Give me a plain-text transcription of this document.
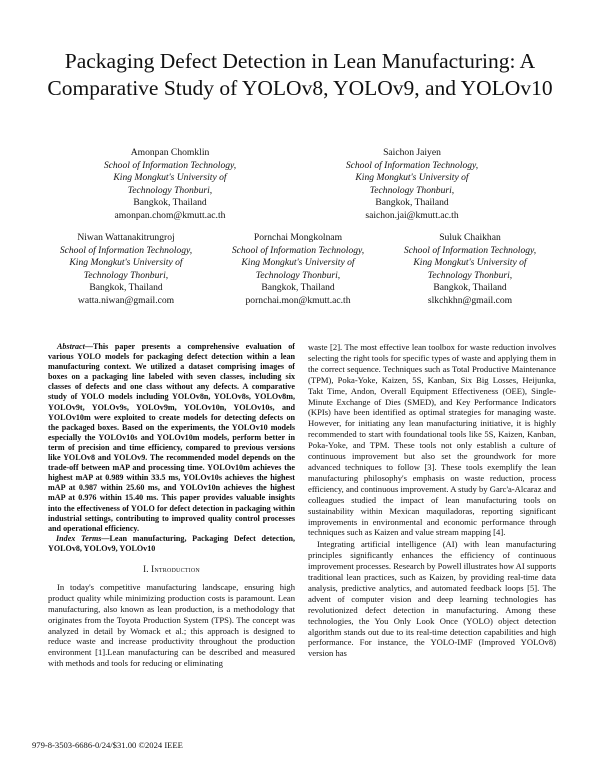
Packaging Defect Detection in Lean Manufacturing: A Comparative Study of YOLOv8, YOLOv9, and YOLOv10
Amonpan Chomklin
School of Information Technology,
King Mongkut's University of
Technology Thonburi,
Bangkok, Thailand
amonpan.chom@kmutt.ac.th
Saichon Jaiyen
School of Information Technology,
King Mongkut's University of
Technology Thonburi,
Bangkok, Thailand
saichon.jai@kmutt.ac.th
Niwan Wattanakitrungroj
School of Information Technology,
King Mongkut's University of
Technology Thonburi,
Bangkok, Thailand
watta.niwan@gmail.com
Pornchai Mongkolnam
School of Information Technology,
King Mongkut's University of
Technology Thonburi,
Bangkok, Thailand
pornchai.mon@kmutt.ac.th
Suluk Chaikhan
School of Information Technology,
King Mongkut's University of
Technology Thonburi,
Bangkok, Thailand
slkchkhn@gmail.com

Abstract—This paper presents a comprehensive evaluation of various YOLO models for packaging defect detection within a lean manufacturing context. We utilized a dataset comprising images of boxes on a packaging line labeled with seven classes, including six classes of defects and one class without any defects. A comparative study of YOLO models including YOLOv8n, YOLOv8s, YOLOv8m, YOLOv9t, YOLOv9s, YOLOv9m, YOLOv10n, YOLOv10s, and YOLOv10m were exploited to create models for detecting defects on the packaged boxes. Based on the experiments, the YOLOv10 models especially the YOLOv10s and YOLOv10m models, perform better in term of precision and time efficiency, compared to previous versions like YOLOv8 and YOLOv9. The recommended model depends on the trade-off between mAP and processing time. YOLOv10m achieves the highest mAP at 0.989 within 33.5 ms, YOLOv10s achieves the highest mAP at 0.987 within 25.60 ms, and YOLOv10n achieves the highest mAP at 0.976 within 15.40 ms. This paper provides valuable insights into the effectiveness of YOLO for defect detection in packaging within industrial settings, contributing to improved quality control processes and operational efficiency.

Index Terms—Lean manufacturing, Packaging Defect detection, YOLOv8, YOLOv9, YOLOv10

I. Introduction

In today's competitive manufacturing landscape, ensuring high product quality while minimizing production costs is paramount. Lean manufacturing, also known as lean production, is a methodology that originates from the Toyota Production System (TPS). The concept was analyzed in detail by Womack et al.; this approach is designed to reduce waste and increase productivity throughout the production environment [1].Lean manufacturing can be described and measured with methods and tools for reducing or eliminating

waste [2]. The most effective lean toolbox for waste reduction involves selecting the right tools for specific types of waste and applying them in the correct sequence. Techniques such as Total Productive Maintenance (TPM), Poka-Yoke, Kaizen, 5S, Kanban, Six Big Losses, Heijunka, Takt Time, Andon, Overall Equipment Effectiveness (OEE), Single-Minute Exchange of Dies (SMED), and Key Performance Indicators (KPIs) have been identified as optimal strategies for managing waste. However, for initiating any lean manufacturing initiative, it is highly recommended to start with foundational tools like 5S, Kaizen, Kanban, Poka-Yoke, and TPM. These tools not only establish a culture of continuous improvement but also set the groundwork for more advanced techniques to follow [3]. These tools exemplify the lean manufacturing philosophy's emphasis on waste reduction, process efficiency, and continuous improvement. A study by Garc'a-Alcaraz and colleagues studied the impact of lean manufacturing tools on sustainability within Mexican maquiladoras, reporting significant improvements in environmental and economic performance through techniques such as Kaizen and value stream mapping [4].

Integrating artificial intelligence (AI) with lean manufacturing principles significantly enhances the efficiency of continuous improvement processes. Research by Powell illustrates how AI supports traditional lean practices, such as Kaizen, by providing real-time data analysis, predictive analytics, and automated feedback loops [5]. The advent of computer vision and deep learning technologies has revolutionized defect detection in manufacturing. Among these technologies, the You Only Look Once (YOLO) object detection algorithm stands out due to its real-time detection capabilities and high performance. For instance, the YOLO-IMF (Improved YOLOv8) version has

979-8-3503-6686-0/24/$31.00 ©2024 IEEE
